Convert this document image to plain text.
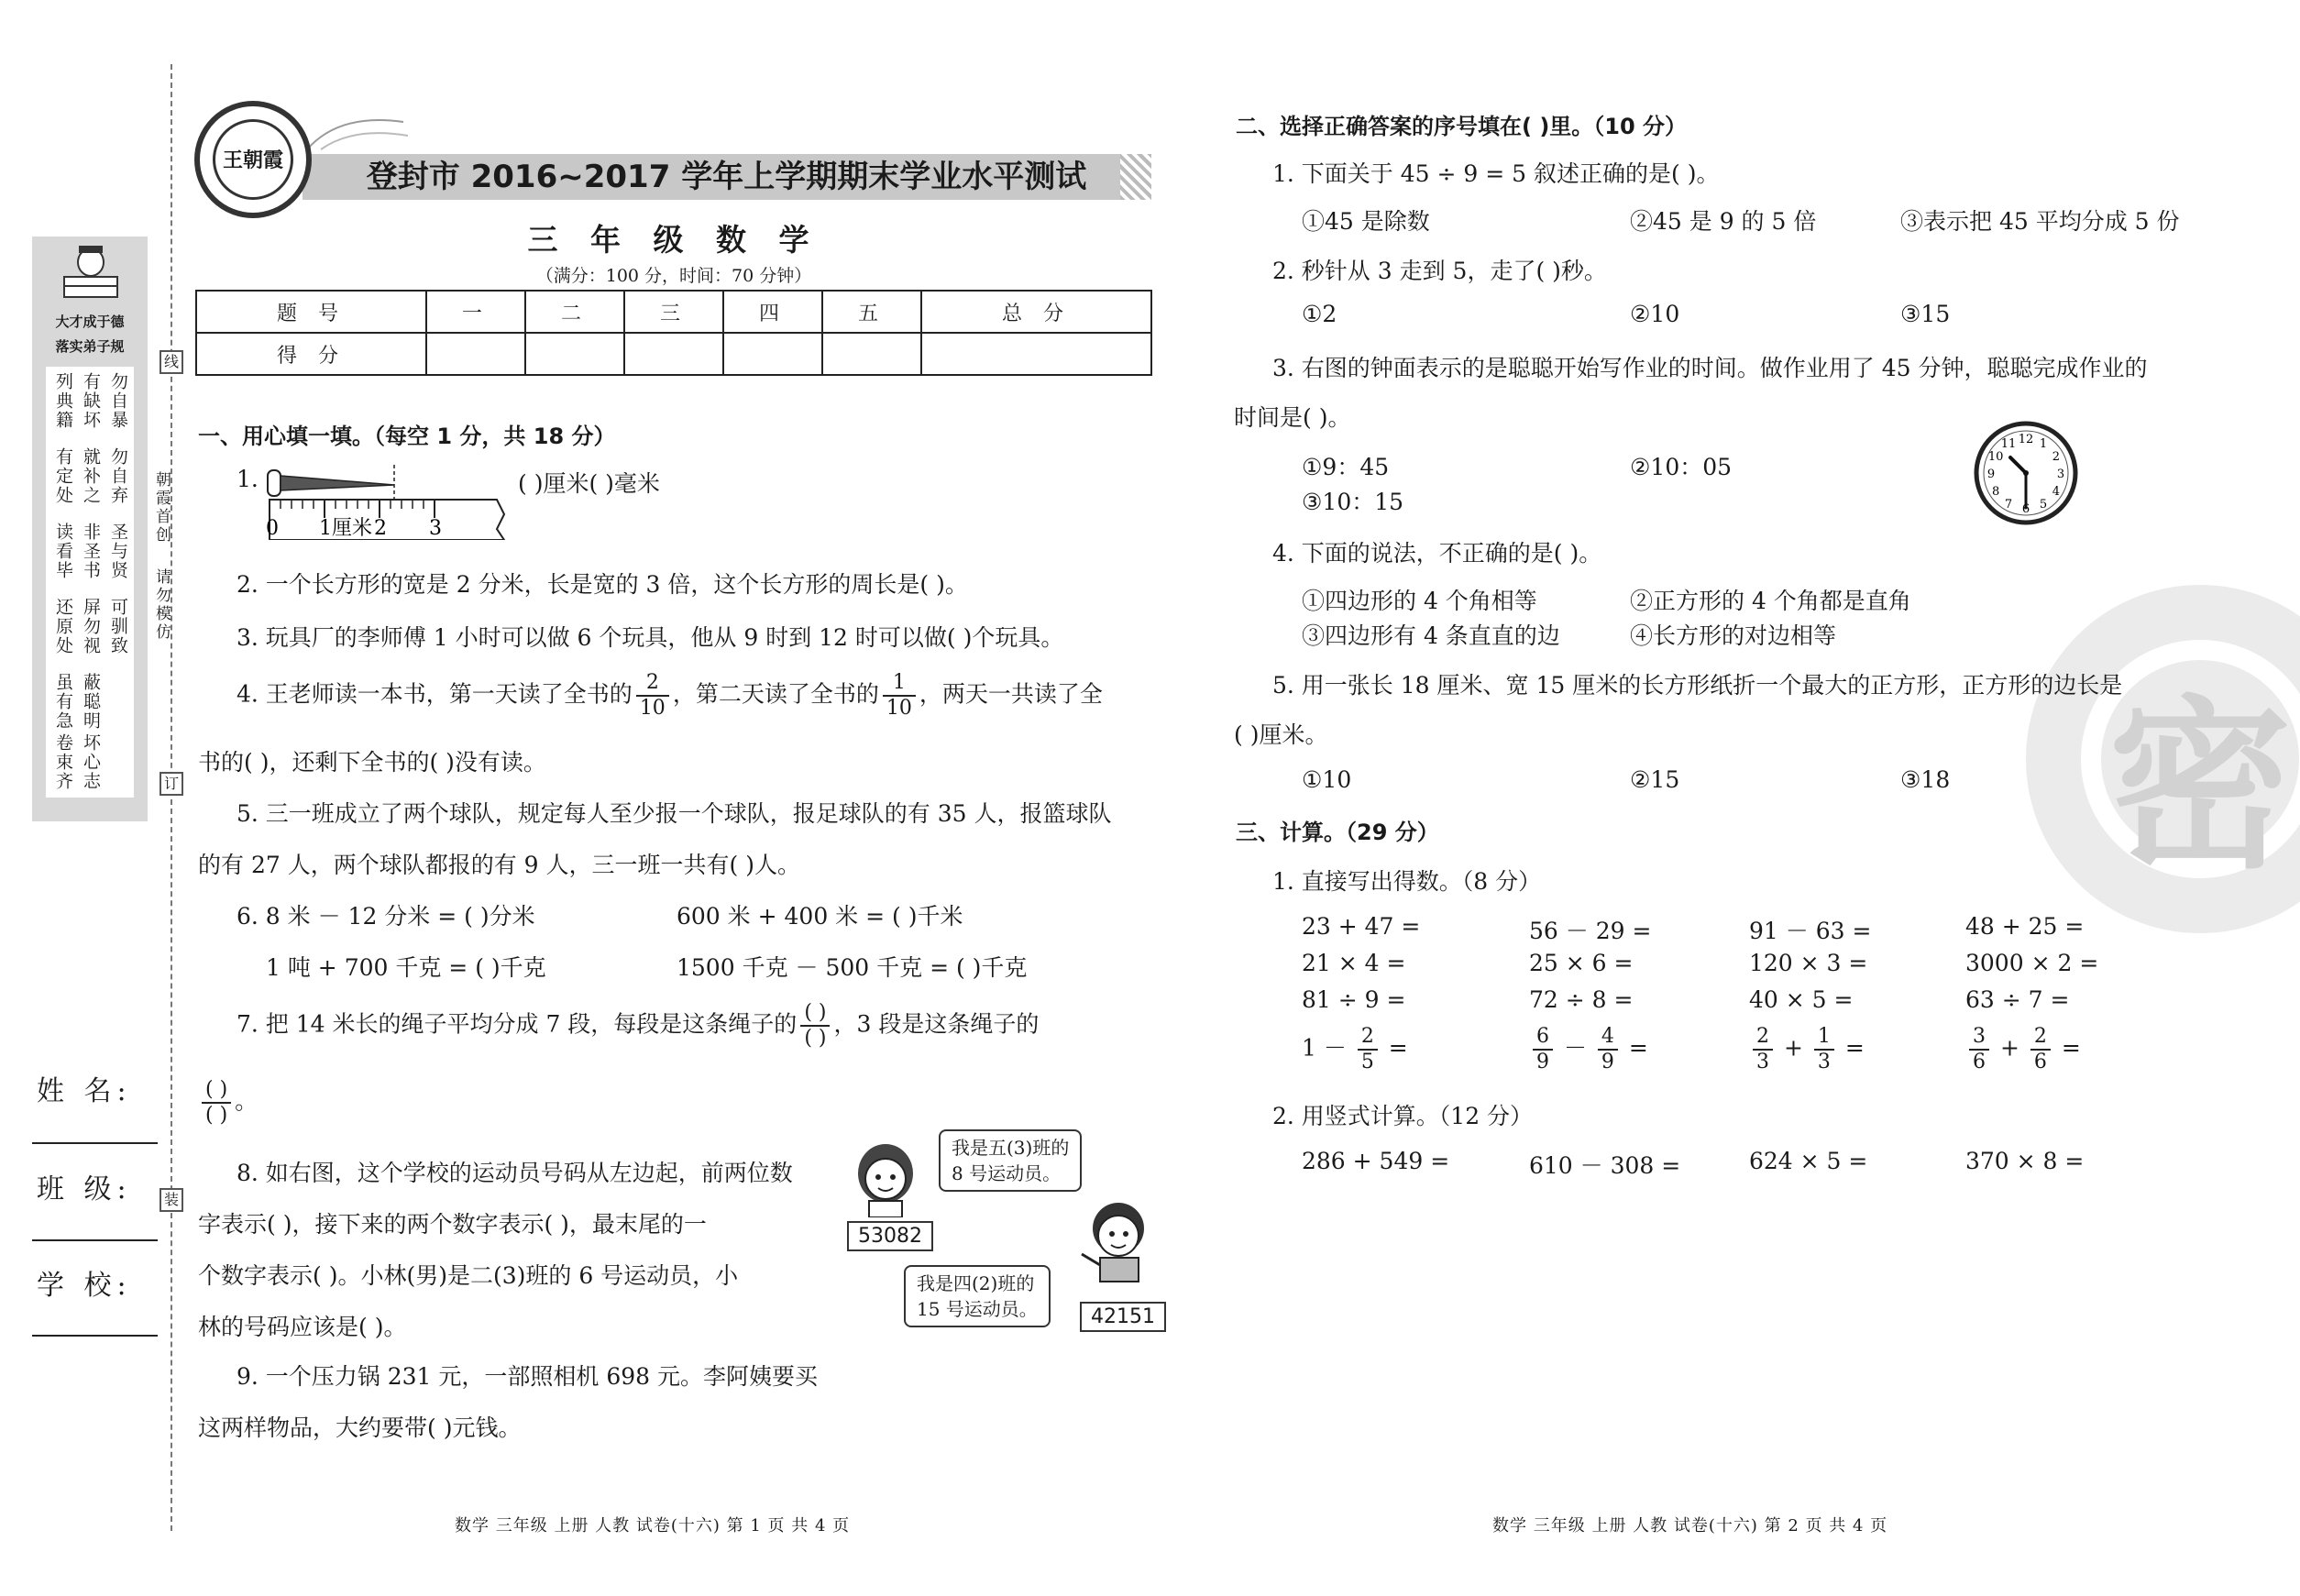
线
订
装
大才成于德
落实弟子规
勿自暴
勿自弃
圣与贤
可驯致
有缺坏
就补之
非圣书
屏勿视
蔽聪明
坏心志
列典籍
有定处
读看毕
还原处
虽有急
卷束齐
朝霞首创
请勿模仿
姓 名:
班 级:
学 校:
王朝霞	登封市 2016~2017 学年上学期期末学业水平测试
三 年 级 数 学
（满分：100 分，时间：70 分钟）
题 号	一	二	三	四	五	总 分
得 分						
一、用心填一填。（每空 1 分，共 18 分）
1.
0 1厘米 2 3
( )厘米( )毫米
2. 一个长方形的宽是 2 分米，长是宽的 3 倍，这个长方形的周长是( )。
3. 玩具厂的李师傅 1 小时可以做 6 个玩具，他从 9 时到 12 时可以做( )个玩具。
4. 王老师读一本书，第一天读了全书的 $\frac{2}{10}$ ，第二天读了全书的 $\frac{1}{10}$ ，两天一共读了全
书的( )，还剩下全书的( )没有读。
5. 三一班成立了两个球队，规定每人至少报一个球队，报足球队的有 35 人，报篮球队
的有 27 人，两个球队都报的有 9 人，三一班一共有( )人。
6. 8 米 － 12 分米 = ( )分米	600 米 + 400 米 = ( )千米
1 吨 + 700 千克 = ( )千克	1500 千克 － 500 千克 = ( )千克
7. 把 14 米长的绳子平均分成 7 段，每段是这条绳子的 $\frac{( )}{( )}$ ，3 段是这条绳子的
$\frac{( )}{( )}$ 。
8. 如右图，这个学校的运动员号码从左边起，前两位数
字表示( )，接下来的两个数字表示( )，最末尾的一
个数字表示( )。小林(男)是二(3)班的 6 号运动员，小
林的号码应该是( )。
我是五(3)班的
8 号运动员。
53082
我是四(2)班的
15 号运动员。	42151
9. 一个压力锅 231 元，一部照相机 698 元。李阿姨要买
这两样物品，大约要带( )元钱。
密
二、选择正确答案的序号填在( )里。（10 分）
1. 下面关于 45 ÷ 9 = 5 叙述正确的是( )。
①45 是除数	②45 是 9 的 5 倍	③表示把 45 平均分成 5 份
2. 秒针从 3 走到 5，走了( )秒。
①2	②10	③15
3. 右图的钟面表示的是聪聪开始写作业的时间。做作业用了 45 分钟，聪聪完成作业的
时间是( )。
①9：45	②10：05
③10：15
12 1
2
3
4
5
6
7
8
9
10
11
4. 下面的说法，不正确的是( )。
①四边形的 4 个角相等	②正方形的 4 个角都是直角
③四边形有 4 条直直的边	④长方形的对边相等
5. 用一张长 18 厘米、宽 15 厘米的长方形纸折一个最大的正方形，正方形的边长是
( )厘米。
①10	②15	③18
三、计算。（29 分）
1. 直接写出得数。（8 分）
23 + 47 =	56 － 29 =	91 － 63 =	48 + 25 =
21 × 4 =	25 × 6 =	120 × 3 =	3000 × 2 =
81 ÷ 9 =	72 ÷ 8 =	40 × 5 =	63 ÷ 7 =
$1 - \frac{2}{5}$ =	$\frac{6}{9} - \frac{4}{9}$ =	$\frac{2}{3} + \frac{1}{3}$ =	$\frac{3}{6} + \frac{2}{6}$ =
2. 用竖式计算。（12 分）
286 + 549 =	610 － 308 =	624 × 5 =	370 × 8 =
数学 三年级 上册 人教 试卷(十六) 第 1 页 共 4 页	数学 三年级 上册 人教 试卷(十六) 第 2 页 共 4 页
